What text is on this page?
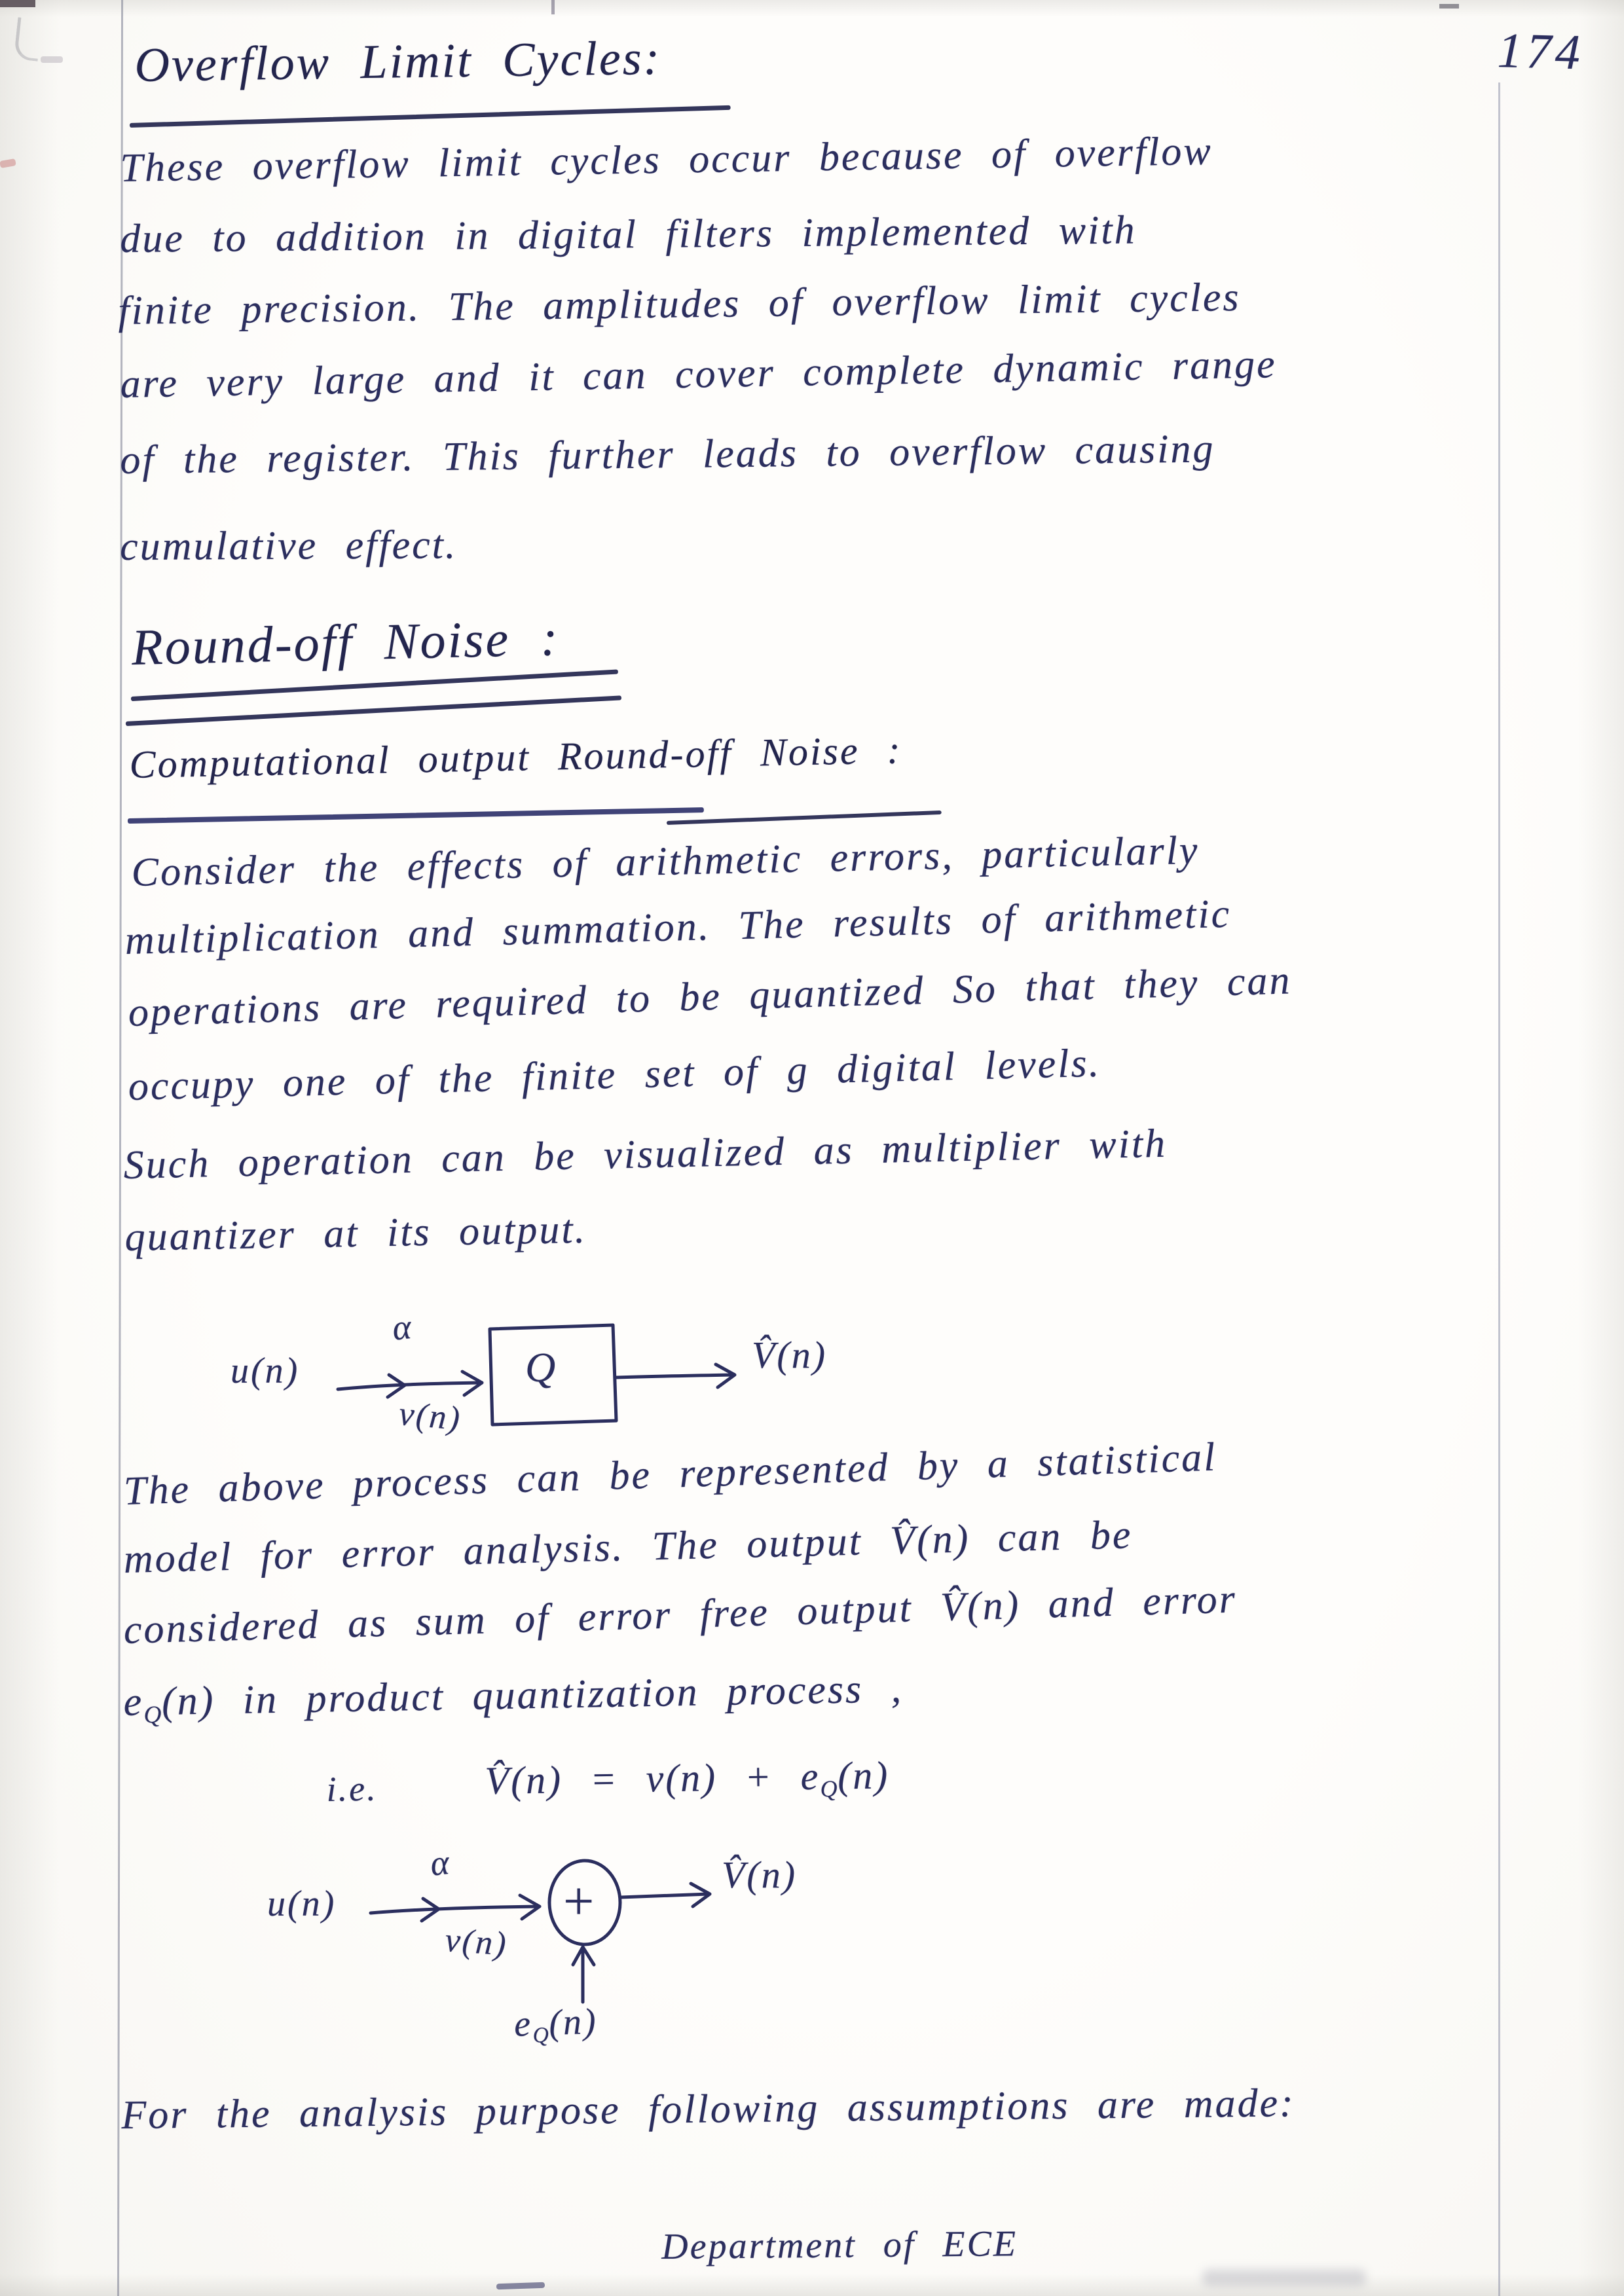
174
Overflow Limit Cycles:
These overflow limit cycles occur because of overflow
due to addition in digital filters implemented with
finite precision. The amplitudes of overflow limit cycles
are very large and it can cover complete dynamic range
of the register. This further leads to overflow causing
cumulative effect.
Round-off Noise :
Computational output Round-off Noise :
Consider the effects of arithmetic errors, particularly
multiplication and summation. The results of arithmetic
operations are required to be quantized So that they can
occupy one of the finite set of g digital levels.
Such operation can be visualized as multiplier with
quantizer at its output.
u(n)
α
v(n)
Q	V̂(n)
The above process can be represented by a statistical
model for error analysis. The output V̂(n) can be
considered as sum of error free output V̂(n) and error
eQ(n) in product quantization process ,
i.e.	V̂(n) = v(n) + eQ(n)
u(n)
α
v(n)
+	V̂(n)
eQ(n)
For the analysis purpose following assumptions are made:
Department of ECE
